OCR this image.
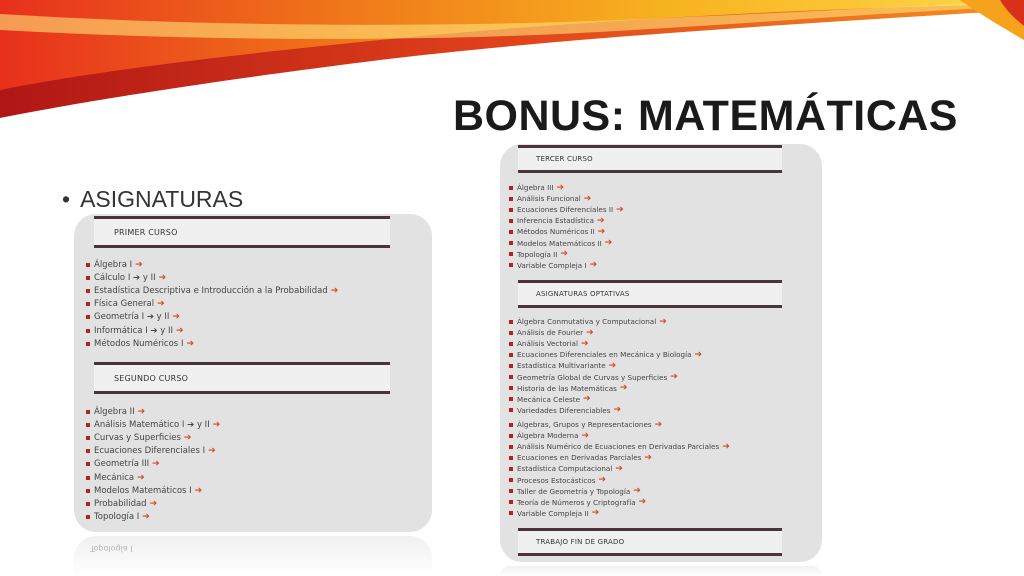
BONUS: MATEMÁTICAS
• ASIGNATURAS
Topología I
PRIMER CURSO
Álgebra I ➔
Cálculo I ➔ y II ➔
Estadística Descriptiva e Introducción a la Probabilidad ➔
Física General ➔
Geometría I ➔ y II ➔
Informática I ➔ y II ➔
Métodos Numéricos I ➔
SEGUNDO CURSO
Álgebra II ➔
Análisis Matemático I ➔ y II ➔
Curvas y Superficies ➔
Ecuaciones Diferenciales I ➔
Geometría III ➔
Mecánica ➔
Modelos Matemáticos I ➔
Probabilidad ➔
Topología I ➔
TERCER CURSO
Álgebra III ➔
Análisis Funcional ➔
Ecuaciones Diferenciales II ➔
Inferencia Estadística ➔
Métodos Numéricos II ➔
Modelos Matemáticos II ➔
Topología II ➔
Variable Compleja I ➔
ASIGNATURAS OPTATIVAS
Álgebra Conmutativa y Computacional ➔
Análisis de Fourier ➔
Análisis Vectorial ➔
Ecuaciones Diferenciales en Mecánica y Biología ➔
Estadística Multivariante ➔
Geometría Global de Curvas y Superficies ➔
Historia de las Matemáticas ➔
Mecánica Celeste ➔
Variedades Diferenciables ➔
Álgebras, Grupos y Representaciones ➔
Álgebra Moderna ➔
Análisis Numérico de Ecuaciones en Derivadas Parciales ➔
Ecuaciones en Derivadas Parciales ➔
Estadística Computacional ➔
Procesos Estocásticos ➔
Taller de Geometría y Topología ➔
Teoría de Números y Criptografía ➔
Variable Compleja II ➔
TRABAJO FIN DE GRADO
